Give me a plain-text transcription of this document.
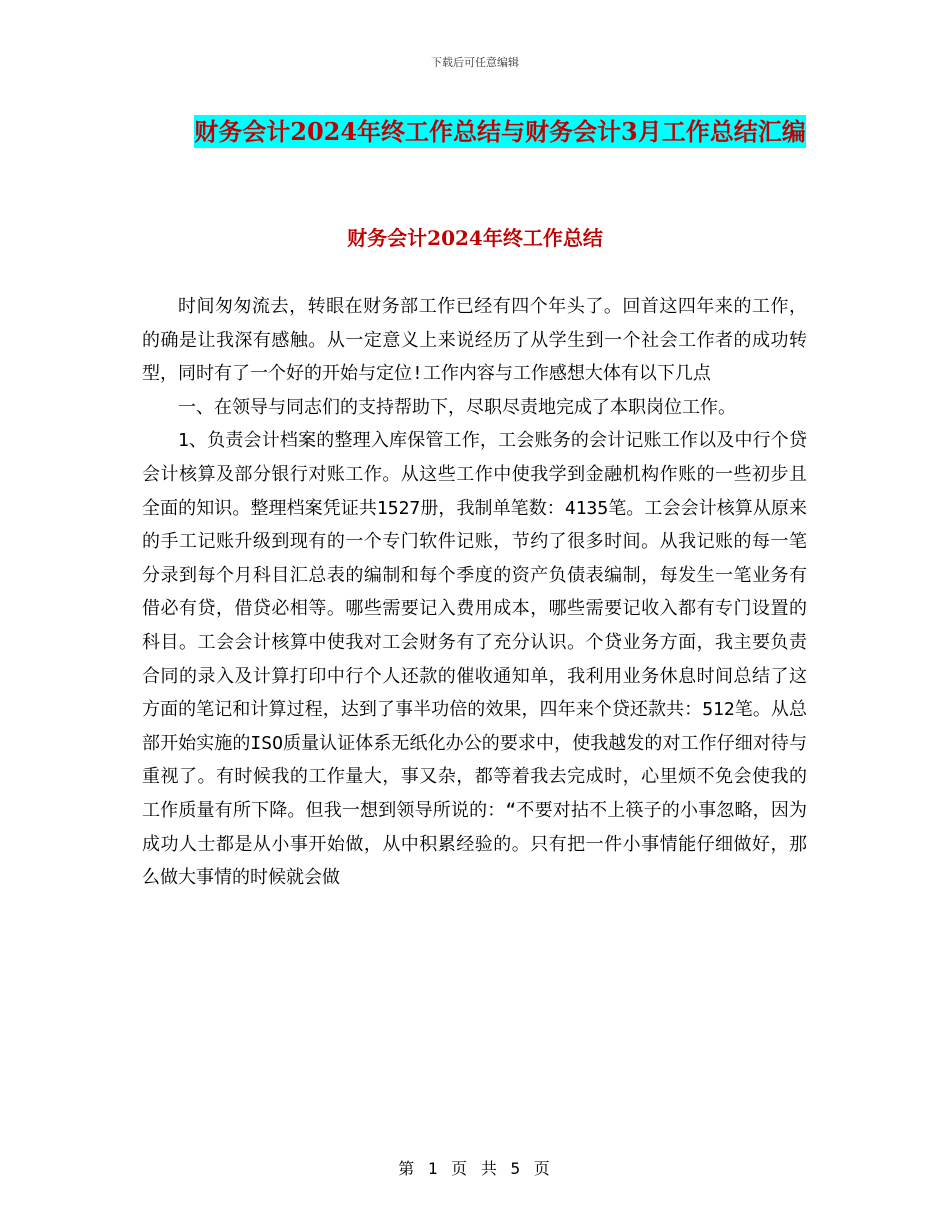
下载后可任意编辑
财务会计2024年终工作总结与财务会计3月工作总结汇编
财务会计2024年终工作总结

时间匆匆流去，转眼在财务部工作已经有四个年头了。回首这四年来的工作，的确是让我深有感触。从一定意义上来说经历了从学生到一个社会工作者的成功转型，同时有了一个好的开始与定位!工作内容与工作感想大体有以下几点

一、在领导与同志们的支持帮助下，尽职尽责地完成了本职岗位工作。

1、负责会计档案的整理入库保管工作，工会账务的会计记账工作以及中行个贷会计核算及部分银行对账工作。从这些工作中使我学到金融机构作账的一些初步且全面的知识。整理档案凭证共1527册，我制单笔数：4135笔。工会会计核算从原来的手工记账升级到现有的一个专门软件记账，节约了很多时间。从我记账的每一笔分录到每个月科目汇总表的编制和每个季度的资产负债表编制，每发生一笔业务有借必有贷，借贷必相等。哪些需要记入费用成本，哪些需要记收入都有专门设置的科目。工会会计核算中使我对工会财务有了充分认识。个贷业务方面，我主要负责合同的录入及计算打印中行个人还款的催收通知单，我利用业务休息时间总结了这方面的笔记和计算过程，达到了事半功倍的效果，四年来个贷还款共：512笔。从总部开始实施的ISO质量认证体系无纸化办公的要求中，使我越发的对工作仔细对待与重视了。有时候我的工作量大，事又杂，都等着我去完成时，心里烦不免会使我的工作质量有所下降。但我一想到领导所说的：“不要对拈不上筷子的小事忽略，因为成功人士都是从小事开始做，从中积累经验的。只有把一件小事情能仔细做好，那么做大事情的时候就会做

第 1 页 共 5 页
